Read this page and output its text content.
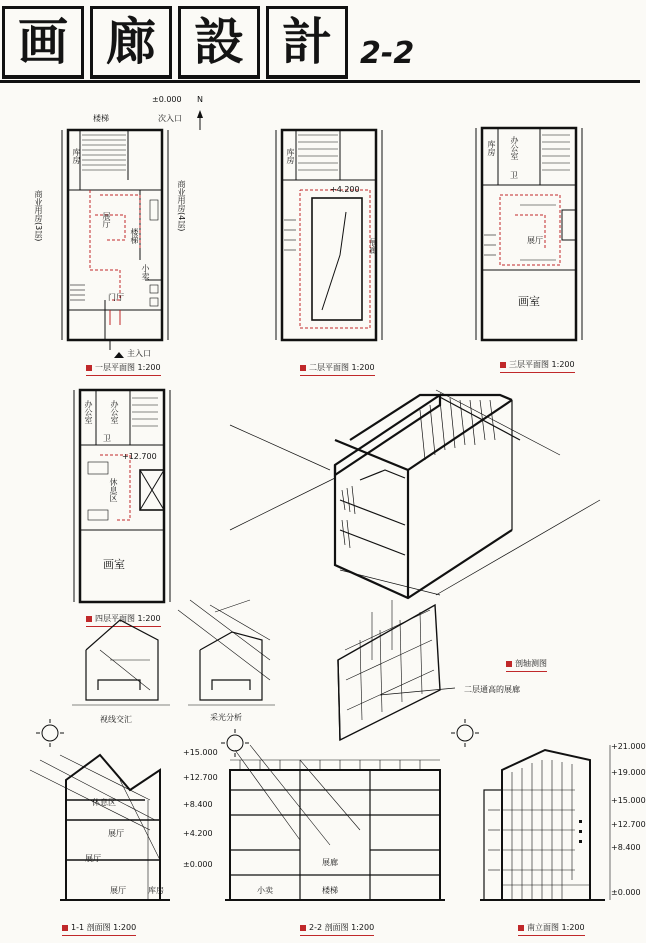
画 廊 設 計 2-2
±0.000 N
次入口
楼梯
库房
展厅
楼梯
小卖
门厅
商业用房(3层)	商业用房(4层)
主入口
一层平面图 1:200
+4.200
库房
展廊
二层平面图 1:200
库房 办公室
卫
展厅
画室
三层平面图 1:200
办公室 办公室
卫
+12.700
休息区
画室
四层平面图 1:200
剖轴测图
二层通高的展廊
视线交汇	采光分析
休息区
展厅
展厅
展厅	库房
1-1 剖面图 1:200
+15.000
+12.700
+8.400
+4.200
±0.000	展廊
小卖	楼梯
2-2 剖面图 1:200
+21.000
+19.000
+15.000
+12.700
+8.400
±0.000
南立面图 1:200
